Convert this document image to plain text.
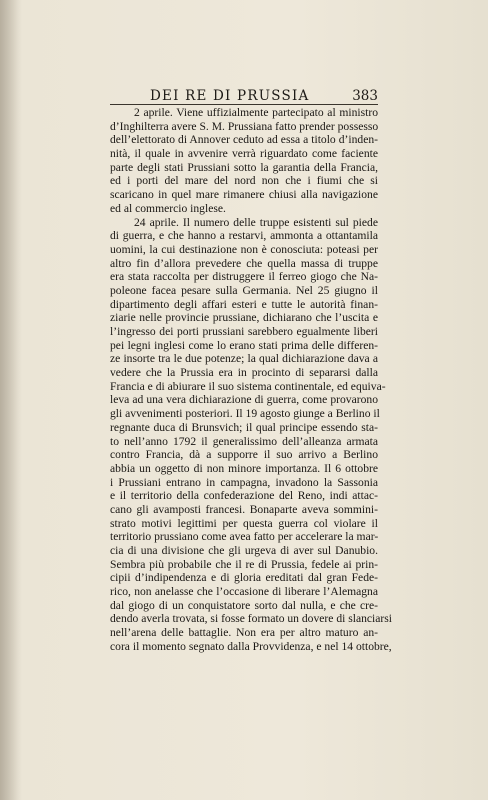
DEI RE DI PRUSSIA	383
2 aprile. Viene uffizialmente partecipato al ministro
d’Inghilterra avere S. M. Prussiana fatto prender possesso
dell’elettorato di Annover ceduto ad essa a titolo d’inden-
nità, il quale in avvenire verrà riguardato come faciente
parte degli stati Prussiani sotto la garantia della Francia,
ed i porti del mare del nord non che i fiumi che si
scaricano in quel mare rimanere chiusi alla navigazione
ed al commercio inglese.
24 aprile. Il numero delle truppe esistenti sul piede
di guerra, e che hanno a restarvi, ammonta a ottantamila
uomini, la cui destinazione non è conosciuta: poteasi per
altro fin d’allora prevedere che quella massa di truppe
era stata raccolta per distruggere il ferreo giogo che Na-
poleone facea pesare sulla Germania. Nel 25 giugno il
dipartimento degli affari esteri e tutte le autorità finan-
ziarie nelle provincie prussiane, dichiarano che l’uscita e
l’ingresso dei porti prussiani sarebbero egualmente liberi
pei legni inglesi come lo erano stati prima delle differen-
ze insorte tra le due potenze; la qual dichiarazione dava a
vedere che la Prussia era in procinto di separarsi dalla
Francia e di abiurare il suo sistema continentale, ed equiva-
leva ad una vera dichiarazione di guerra, come provarono
gli avvenimenti posteriori. Il 19 agosto giunge a Berlino il
regnante duca di Brunsvich; il qual principe essendo sta-
to nell’anno 1792 il generalissimo dell’alleanza armata
contro Francia, dà a supporre il suo arrivo a Berlino
abbia un oggetto di non minore importanza. Il 6 ottobre
i Prussiani entrano in campagna, invadono la Sassonia
e il territorio della confederazione del Reno, indi attac-
cano gli avamposti francesi. Bonaparte aveva sommini-
strato motivi legittimi per questa guerra col violare il
territorio prussiano come avea fatto per accelerare la mar-
cia di una divisione che gli urgeva di aver sul Danubio.
Sembra più probabile che il re di Prussia, fedele ai prin-
cipii d’indipendenza e di gloria ereditati dal gran Fede-
rico, non anelasse che l’occasione di liberare l’Alemagna
dal giogo di un conquistatore sorto dal nulla, e che cre-
dendo averla trovata, si fosse formato un dovere di slanciarsi
nell’arena delle battaglie. Non era per altro maturo an-
cora il momento segnato dalla Provvidenza, e nel 14 ottobre,
